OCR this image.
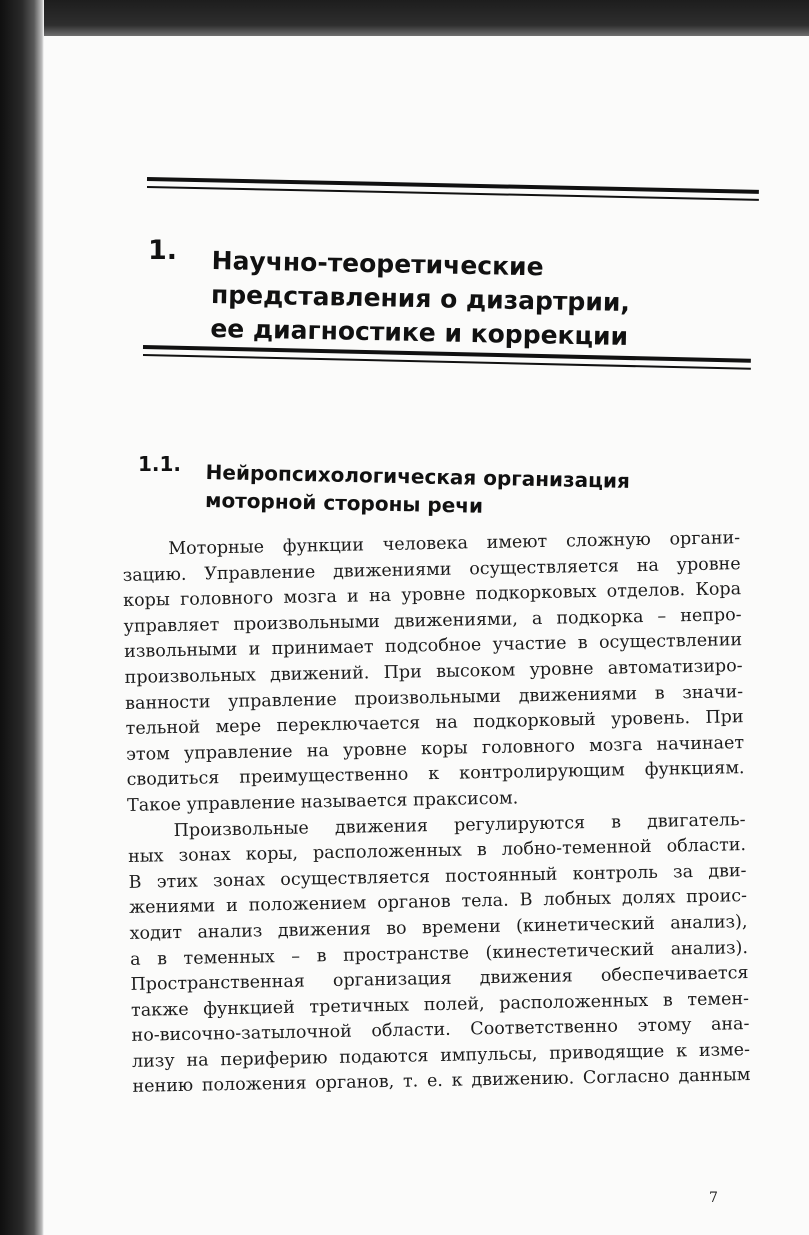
1. Научно-теоретические
представления о дизартрии,
ее диагностике и коррекции
1.1. Нейропсихологическая организация
моторной стороны речи

Моторные функции человека имеют сложную органи-
зацию. Управление движениями осуществляется на уровне
коры головного мозга и на уровне подкорковых отделов. Кора
управляет произвольными движениями, а подкорка – непро-
извольными и принимает подсобное участие в осуществлении
произвольных движений. При высоком уровне автоматизиро-
ванности управление произвольными движениями в значи-
тельной мере переключается на подкорковый уровень. При
этом управление на уровне коры головного мозга начинает
сводиться преимущественно к контролирующим функциям.
Такое управление называется праксисом.

Произвольные движения регулируются в двигатель-
ных зонах коры, расположенных в лобно-теменной области.
В этих зонах осуществляется постоянный контроль за дви-
жениями и положением органов тела. В лобных долях проис-
ходит анализ движения во времени (кинетический анализ),
а в теменных – в пространстве (кинестетический анализ).
Пространственная организация движения обеспечивается
также функцией третичных полей, расположенных в темен-
но-височно-затылочной области. Соответственно этому ана-
лизу на периферию подаются импульсы, приводящие к изме-
нению положения органов, т. е. к движению. Согласно данным

7
